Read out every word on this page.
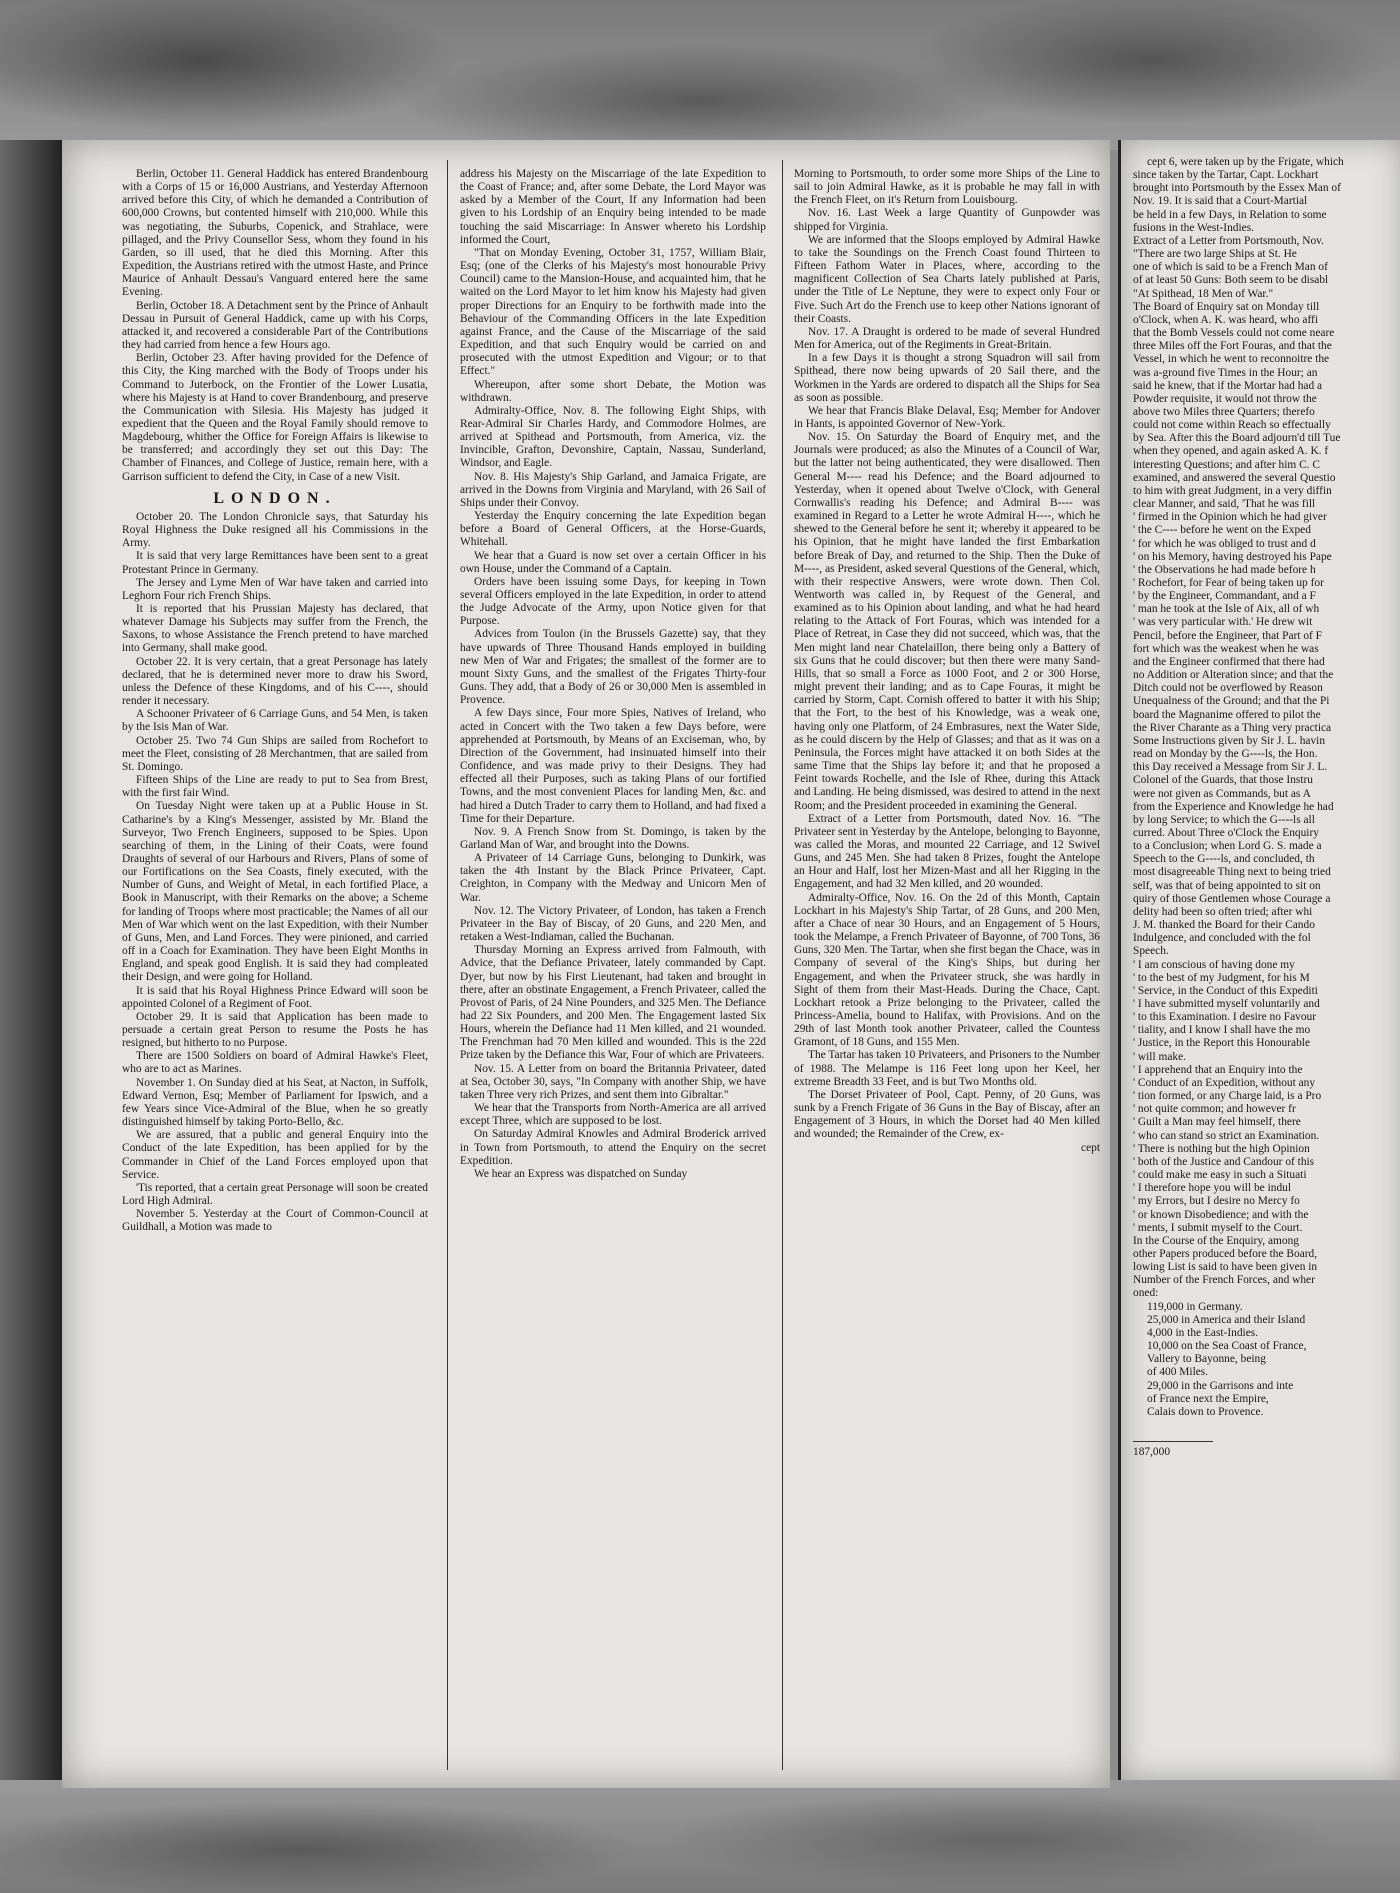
Berlin, October 11. General Haddick has entered Brandenbourg with a Corps of 15 or 16,000 Austrians, and Yesterday Afternoon arrived before this City, of which he demanded a Contribution of 600,000 Crowns, but contented himself with 210,000. While this was negotiating, the Suburbs, Copenick, and Strahlace, were pillaged, and the Privy Counsellor Sess, whom they found in his Garden, so ill used, that he died this Morning. After this Expedition, the Austrians retired with the utmost Haste, and Prince Maurice of Anhault Dessau's Vanguard entered here the same Evening.

Berlin, October 18. A Detachment sent by the Prince of Anhault Dessau in Pursuit of General Haddick, came up with his Corps, attacked it, and recovered a considerable Part of the Contributions they had carried from hence a few Hours ago.

Berlin, October 23. After having provided for the Defence of this City, the King marched with the Body of Troops under his Command to Juterbock, on the Frontier of the Lower Lusatia, where his Majesty is at Hand to cover Brandenbourg, and preserve the Communication with Silesia. His Majesty has judged it expedient that the Queen and the Royal Family should remove to Magdebourg, whither the Office for Foreign Affairs is likewise to be transferred; and accordingly they set out this Day: The Chamber of Finances, and College of Justice, remain here, with a Garrison sufficient to defend the City, in Case of a new Visit.

LONDON.

October 20. The London Chronicle says, that Saturday his Royal Highness the Duke resigned all his Commissions in the Army.

It is said that very large Remittances have been sent to a great Protestant Prince in Germany.

The Jersey and Lyme Men of War have taken and carried into Leghorn Four rich French Ships.

It is reported that his Prussian Majesty has declared, that whatever Damage his Subjects may suffer from the French, the Saxons, to whose Assistance the French pretend to have marched into Germany, shall make good.

October 22. It is very certain, that a great Personage has lately declared, that he is determined never more to draw his Sword, unless the Defence of these Kingdoms, and of his C----, should render it necessary.

A Schooner Privateer of 6 Carriage Guns, and 54 Men, is taken by the Isis Man of War.

October 25. Two 74 Gun Ships are sailed from Rochefort to meet the Fleet, consisting of 28 Merchantmen, that are sailed from St. Domingo.

Fifteen Ships of the Line are ready to put to Sea from Brest, with the first fair Wind.

On Tuesday Night were taken up at a Public House in St. Catharine's by a King's Messenger, assisted by Mr. Bland the Surveyor, Two French Engineers, supposed to be Spies. Upon searching of them, in the Lining of their Coats, were found Draughts of several of our Harbours and Rivers, Plans of some of our Fortifications on the Sea Coasts, finely executed, with the Number of Guns, and Weight of Metal, in each fortified Place, a Book in Manuscript, with their Remarks on the above; a Scheme for landing of Troops where most practicable; the Names of all our Men of War which went on the last Expedition, with their Number of Guns, Men, and Land Forces. They were pinioned, and carried off in a Coach for Examination. They have been Eight Months in England, and speak good English. It is said they had compleated their Design, and were going for Holland.

It is said that his Royal Highness Prince Edward will soon be appointed Colonel of a Regiment of Foot.

October 29. It is said that Application has been made to persuade a certain great Person to resume the Posts he has resigned, but hitherto to no Purpose.

There are 1500 Soldiers on board of Admiral Hawke's Fleet, who are to act as Marines.

November 1. On Sunday died at his Seat, at Nacton, in Suffolk, Edward Vernon, Esq; Member of Parliament for Ipswich, and a few Years since Vice-Admiral of the Blue, when he so greatly distinguished himself by taking Porto-Bello, &c.

We are assured, that a public and general Enquiry into the Conduct of the late Expedition, has been applied for by the Commander in Chief of the Land Forces employed upon that Service.

'Tis reported, that a certain great Personage will soon be created Lord High Admiral.

November 5. Yesterday at the Court of Common-Council at Guildhall, a Motion was made to

address his Majesty on the Miscarriage of the late Expedition to the Coast of France; and, after some Debate, the Lord Mayor was asked by a Member of the Court, If any Information had been given to his Lordship of an Enquiry being intended to be made touching the said Miscarriage: In Answer whereto his Lordship informed the Court,

"That on Monday Evening, October 31, 1757, William Blair, Esq; (one of the Clerks of his Majesty's most honourable Privy Council) came to the Mansion-House, and acquainted him, that he waited on the Lord Mayor to let him know his Majesty had given proper Directions for an Enquiry to be forthwith made into the Behaviour of the Commanding Officers in the late Expedition against France, and the Cause of the Miscarriage of the said Expedition, and that such Enquiry would be carried on and prosecuted with the utmost Expedition and Vigour; or to that Effect."

Whereupon, after some short Debate, the Motion was withdrawn.

Admiralty-Office, Nov. 8. The following Eight Ships, with Rear-Admiral Sir Charles Hardy, and Commodore Holmes, are arrived at Spithead and Portsmouth, from America, viz. the Invincible, Grafton, Devonshire, Captain, Nassau, Sunderland, Windsor, and Eagle.

Nov. 8. His Majesty's Ship Garland, and Jamaica Frigate, are arrived in the Downs from Virginia and Maryland, with 26 Sail of Ships under their Convoy.

Yesterday the Enquiry concerning the late Expedition began before a Board of General Officers, at the Horse-Guards, Whitehall.

We hear that a Guard is now set over a certain Officer in his own House, under the Command of a Captain.

Orders have been issuing some Days, for keeping in Town several Officers employed in the late Expedition, in order to attend the Judge Advocate of the Army, upon Notice given for that Purpose.

Advices from Toulon (in the Brussels Gazette) say, that they have upwards of Three Thousand Hands employed in building new Men of War and Frigates; the smallest of the former are to mount Sixty Guns, and the smallest of the Frigates Thirty-four Guns. They add, that a Body of 26 or 30,000 Men is assembled in Provence.

A few Days since, Four more Spies, Natives of Ireland, who acted in Concert with the Two taken a few Days before, were apprehended at Portsmouth, by Means of an Exciseman, who, by Direction of the Government, had insinuated himself into their Confidence, and was made privy to their Designs. They had effected all their Purposes, such as taking Plans of our fortified Towns, and the most convenient Places for landing Men, &c. and had hired a Dutch Trader to carry them to Holland, and had fixed a Time for their Departure.

Nov. 9. A French Snow from St. Domingo, is taken by the Garland Man of War, and brought into the Downs.

A Privateer of 14 Carriage Guns, belonging to Dunkirk, was taken the 4th Instant by the Black Prince Privateer, Capt. Creighton, in Company with the Medway and Unicorn Men of War.

Nov. 12. The Victory Privateer, of London, has taken a French Privateer in the Bay of Biscay, of 20 Guns, and 220 Men, and retaken a West-Indiaman, called the Buchanan.

Thursday Morning an Express arrived from Falmouth, with Advice, that the Defiance Privateer, lately commanded by Capt. Dyer, but now by his First Lieutenant, had taken and brought in there, after an obstinate Engagement, a French Privateer, called the Provost of Paris, of 24 Nine Pounders, and 325 Men. The Defiance had 22 Six Pounders, and 200 Men. The Engagement lasted Six Hours, wherein the Defiance had 11 Men killed, and 21 wounded. The Frenchman had 70 Men killed and wounded. This is the 22d Prize taken by the Defiance this War, Four of which are Privateers.

Nov. 15. A Letter from on board the Britannia Privateer, dated at Sea, October 30, says, "In Company with another Ship, we have taken Three very rich Prizes, and sent them into Gibraltar."

We hear that the Transports from North-America are all arrived except Three, which are supposed to be lost.

On Saturday Admiral Knowles and Admiral Broderick arrived in Town from Portsmouth, to attend the Enquiry on the secret Expedition.

We hear an Express was dispatched on Sunday

Morning to Portsmouth, to order some more Ships of the Line to sail to join Admiral Hawke, as it is probable he may fall in with the French Fleet, on it's Return from Louisbourg.

Nov. 16. Last Week a large Quantity of Gunpowder was shipped for Virginia.

We are informed that the Sloops employed by Admiral Hawke to take the Soundings on the French Coast found Thirteen to Fifteen Fathom Water in Places, where, according to the magnificent Collection of Sea Charts lately published at Paris, under the Title of Le Neptune, they were to expect only Four or Five. Such Art do the French use to keep other Nations ignorant of their Coasts.

Nov. 17. A Draught is ordered to be made of several Hundred Men for America, out of the Regiments in Great-Britain.

In a few Days it is thought a strong Squadron will sail from Spithead, there now being upwards of 20 Sail there, and the Workmen in the Yards are ordered to dispatch all the Ships for Sea as soon as possible.

We hear that Francis Blake Delaval, Esq; Member for Andover in Hants, is appointed Governor of New-York.

Nov. 15. On Saturday the Board of Enquiry met, and the Journals were produced; as also the Minutes of a Council of War, but the latter not being authenticated, they were disallowed. Then General M---- read his Defence; and the Board adjourned to Yesterday, when it opened about Twelve o'Clock, with General Cornwallis's reading his Defence; and Admiral B---- was examined in Regard to a Letter he wrote Admiral H----, which he shewed to the General before he sent it; whereby it appeared to be his Opinion, that he might have landed the first Embarkation before Break of Day, and returned to the Ship. Then the Duke of M----, as President, asked several Questions of the General, which, with their respective Answers, were wrote down. Then Col. Wentworth was called in, by Request of the General, and examined as to his Opinion about landing, and what he had heard relating to the Attack of Fort Fouras, which was intended for a Place of Retreat, in Case they did not succeed, which was, that the Men might land near Chatelaillon, there being only a Battery of six Guns that he could discover; but then there were many Sand-Hills, that so small a Force as 1000 Foot, and 2 or 300 Horse, might prevent their landing; and as to Cape Fouras, it might be carried by Storm, Capt. Cornish offered to batter it with his Ship; that the Fort, to the best of his Knowledge, was a weak one, having only one Platform, of 24 Embrasures, next the Water Side, as he could discern by the Help of Glasses; and that as it was on a Peninsula, the Forces might have attacked it on both Sides at the same Time that the Ships lay before it; and that he proposed a Feint towards Rochelle, and the Isle of Rhee, during this Attack and Landing. He being dismissed, was desired to attend in the next Room; and the President proceeded in examining the General.

Extract of a Letter from Portsmouth, dated Nov. 16. "The Privateer sent in Yesterday by the Antelope, belonging to Bayonne, was called the Moras, and mounted 22 Carriage, and 12 Swivel Guns, and 245 Men. She had taken 8 Prizes, fought the Antelope an Hour and Half, lost her Mizen-Mast and all her Rigging in the Engagement, and had 32 Men killed, and 20 wounded.

Admiralty-Office, Nov. 16. On the 2d of this Month, Captain Lockhart in his Majesty's Ship Tartar, of 28 Guns, and 200 Men, after a Chace of near 30 Hours, and an Engagement of 5 Hours, took the Melampe, a French Privateer of Bayonne, of 700 Tons, 36 Guns, 320 Men. The Tartar, when she first began the Chace, was in Company of several of the King's Ships, but during her Engagement, and when the Privateer struck, she was hardly in Sight of them from their Mast-Heads. During the Chace, Capt. Lockhart retook a Prize belonging to the Privateer, called the Princess-Amelia, bound to Halifax, with Provisions. And on the 29th of last Month took another Privateer, called the Countess Gramont, of 18 Guns, and 155 Men.

The Tartar has taken 10 Privateers, and Prisoners to the Number of 1988. The Melampe is 116 Feet long upon her Keel, her extreme Breadth 33 Feet, and is but Two Months old.

The Dorset Privateer of Pool, Capt. Penny, of 20 Guns, was sunk by a French Frigate of 36 Guns in the Bay of Biscay, after an Engagement of 3 Hours, in which the Dorset had 40 Men killed and wounded; the Remainder of the Crew, ex-

cept

cept 6, were taken up by the Frigate, which

since taken by the Tartar, Capt. Lockhart

brought into Portsmouth by the Essex Man of

Nov. 19. It is said that a Court-Martial

be held in a few Days, in Relation to some

fusions in the West-Indies.

Extract of a Letter from Portsmouth, Nov.

"There are two large Ships at St. He

one of which is said to be a French Man of

of at least 50 Guns: Both seem to be disabl

"At Spithead, 18 Men of War."

The Board of Enquiry sat on Monday till

o'Clock, when A. K. was heard, who affi

that the Bomb Vessels could not come neare

three Miles off the Fort Fouras, and that the

Vessel, in which he went to reconnoitre the

was a-ground five Times in the Hour; an

said he knew, that if the Mortar had had a

Powder requisite, it would not throw the

above two Miles three Quarters; therefo

could not come within Reach so effectually

by Sea. After this the Board adjourn'd till Tue

when they opened, and again asked A. K. f

interesting Questions; and after him C. C

examined, and answered the several Questio

to him with great Judgment, in a very diffin

clear Manner, and said, 'That he was fill

' firmed in the Opinion which he had giver

' the C---- before he went on the Exped

' for which he was obliged to trust and d

' on his Memory, having destroyed his Pape

' the Observations he had made before h

' Rochefort, for Fear of being taken up for

' by the Engineer, Commandant, and a F

' man he took at the Isle of Aix, all of wh

' was very particular with.' He drew wit

Pencil, before the Engineer, that Part of F

fort which was the weakest when he was

and the Engineer confirmed that there had

no Addition or Alteration since; and that the

Ditch could not be overflowed by Reason

Unequalness of the Ground; and that the Pi

board the Magnanime offered to pilot the

the River Charante as a Thing very practica

Some Instructions given by Sir J. L. havin

read on Monday by the G----ls, the Hon.

this Day received a Message from Sir J. L.

Colonel of the Guards, that those Instru

were not given as Commands, but as A

from the Experience and Knowledge he had

by long Service; to which the G----ls all

curred. About Three o'Clock the Enquiry

to a Conclusion; when Lord G. S. made a

Speech to the G----ls, and concluded, th

most disagreeable Thing next to being tried

self, was that of being appointed to sit on

quiry of those Gentlemen whose Courage a

delity had been so often tried; after whi

J. M. thanked the Board for their Cando

Indulgence, and concluded with the fol

Speech.

' I am conscious of having done my

' to the best of my Judgment, for his M

' Service, in the Conduct of this Expediti

' I have submitted myself voluntarily and

' to this Examination. I desire no Favour

' tiality, and I know I shall have the mo

' Justice, in the Report this Honourable

' will make.

' I apprehend that an Enquiry into the

' Conduct of an Expedition, without any

' tion formed, or any Charge laid, is a Pro

' not quite common; and however fr

' Guilt a Man may feel himself, there

' who can stand so strict an Examination.

' There is nothing but the high Opinion

' both of the Justice and Candour of this

' could make me easy in such a Situati

' I therefore hope you will be indul

' my Errors, but I desire no Mercy fo

' or known Disobedience; and with the

' ments, I submit myself to the Court.

In the Course of the Enquiry, among

other Papers produced before the Board,

lowing List is said to have been given in

Number of the French Forces, and wher

oned:

119,000 in Germany.

25,000 in America and their Island

4,000 in the East-Indies.

10,000 on the Sea Coast of France,

Vallery to Bayonne, being

of 400 Miles.

29,000 in the Garrisons and inte

of France next the Empire,

Calais down to Provence.

187,000
